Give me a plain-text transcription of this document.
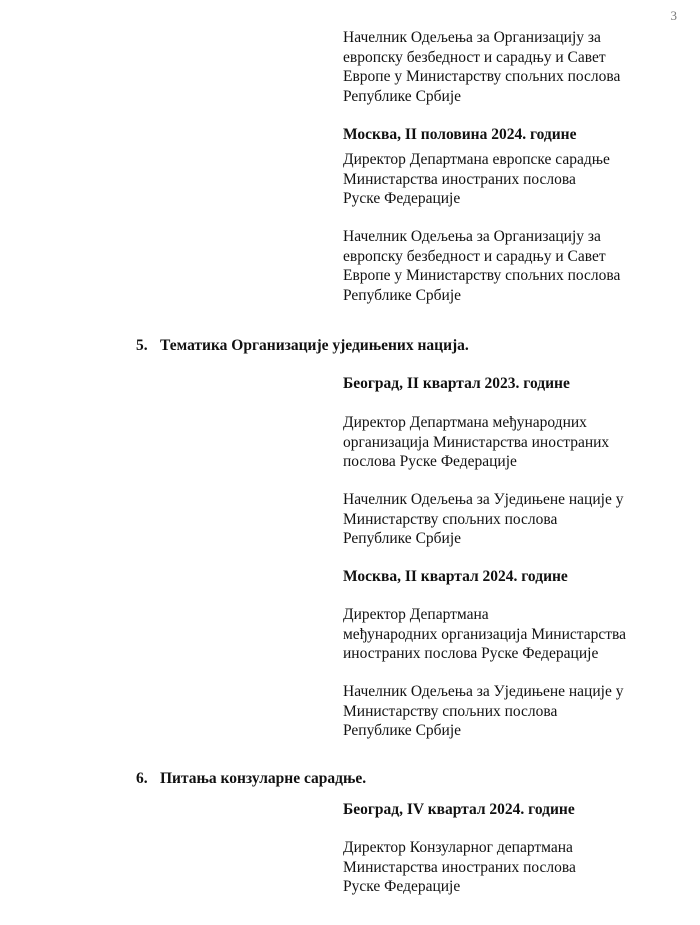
3
Начелник Одељења за Организацију за
европску безбедност и сарадњу и Савет
Европе у Министарству спољних послова
Републике Србије
Москва, II половина 2024. године
Директор Департмана европске сарадње
Министарства иностраних послова
Руске Федерације
Начелник Одељења за Организацију за
европску безбедност и сарадњу и Савет
Европе у Министарству спољних послова
Републике Србије
5. Тематика Организације уједињених нација.
Београд, II квартал 2023. године
Директор Департмана међународних
организација Министарства иностраних
послова Руске Федерације
Начелник Одељења за Уједињене нације у
Министарству спољних послова
Републике Србије
Москва, II квартал 2024. године
Директор Департмана
међународних организација Министарства
иностраних послова Руске Федерације
Начелник Одељења за Уједињене нације у
Министарству спољних послова
Републике Србије
6. Питања конзуларне сарадње.
Београд, IV квартал 2024. године
Директор Конзуларног департмана
Министарства иностраних послова
Руске Федерације
